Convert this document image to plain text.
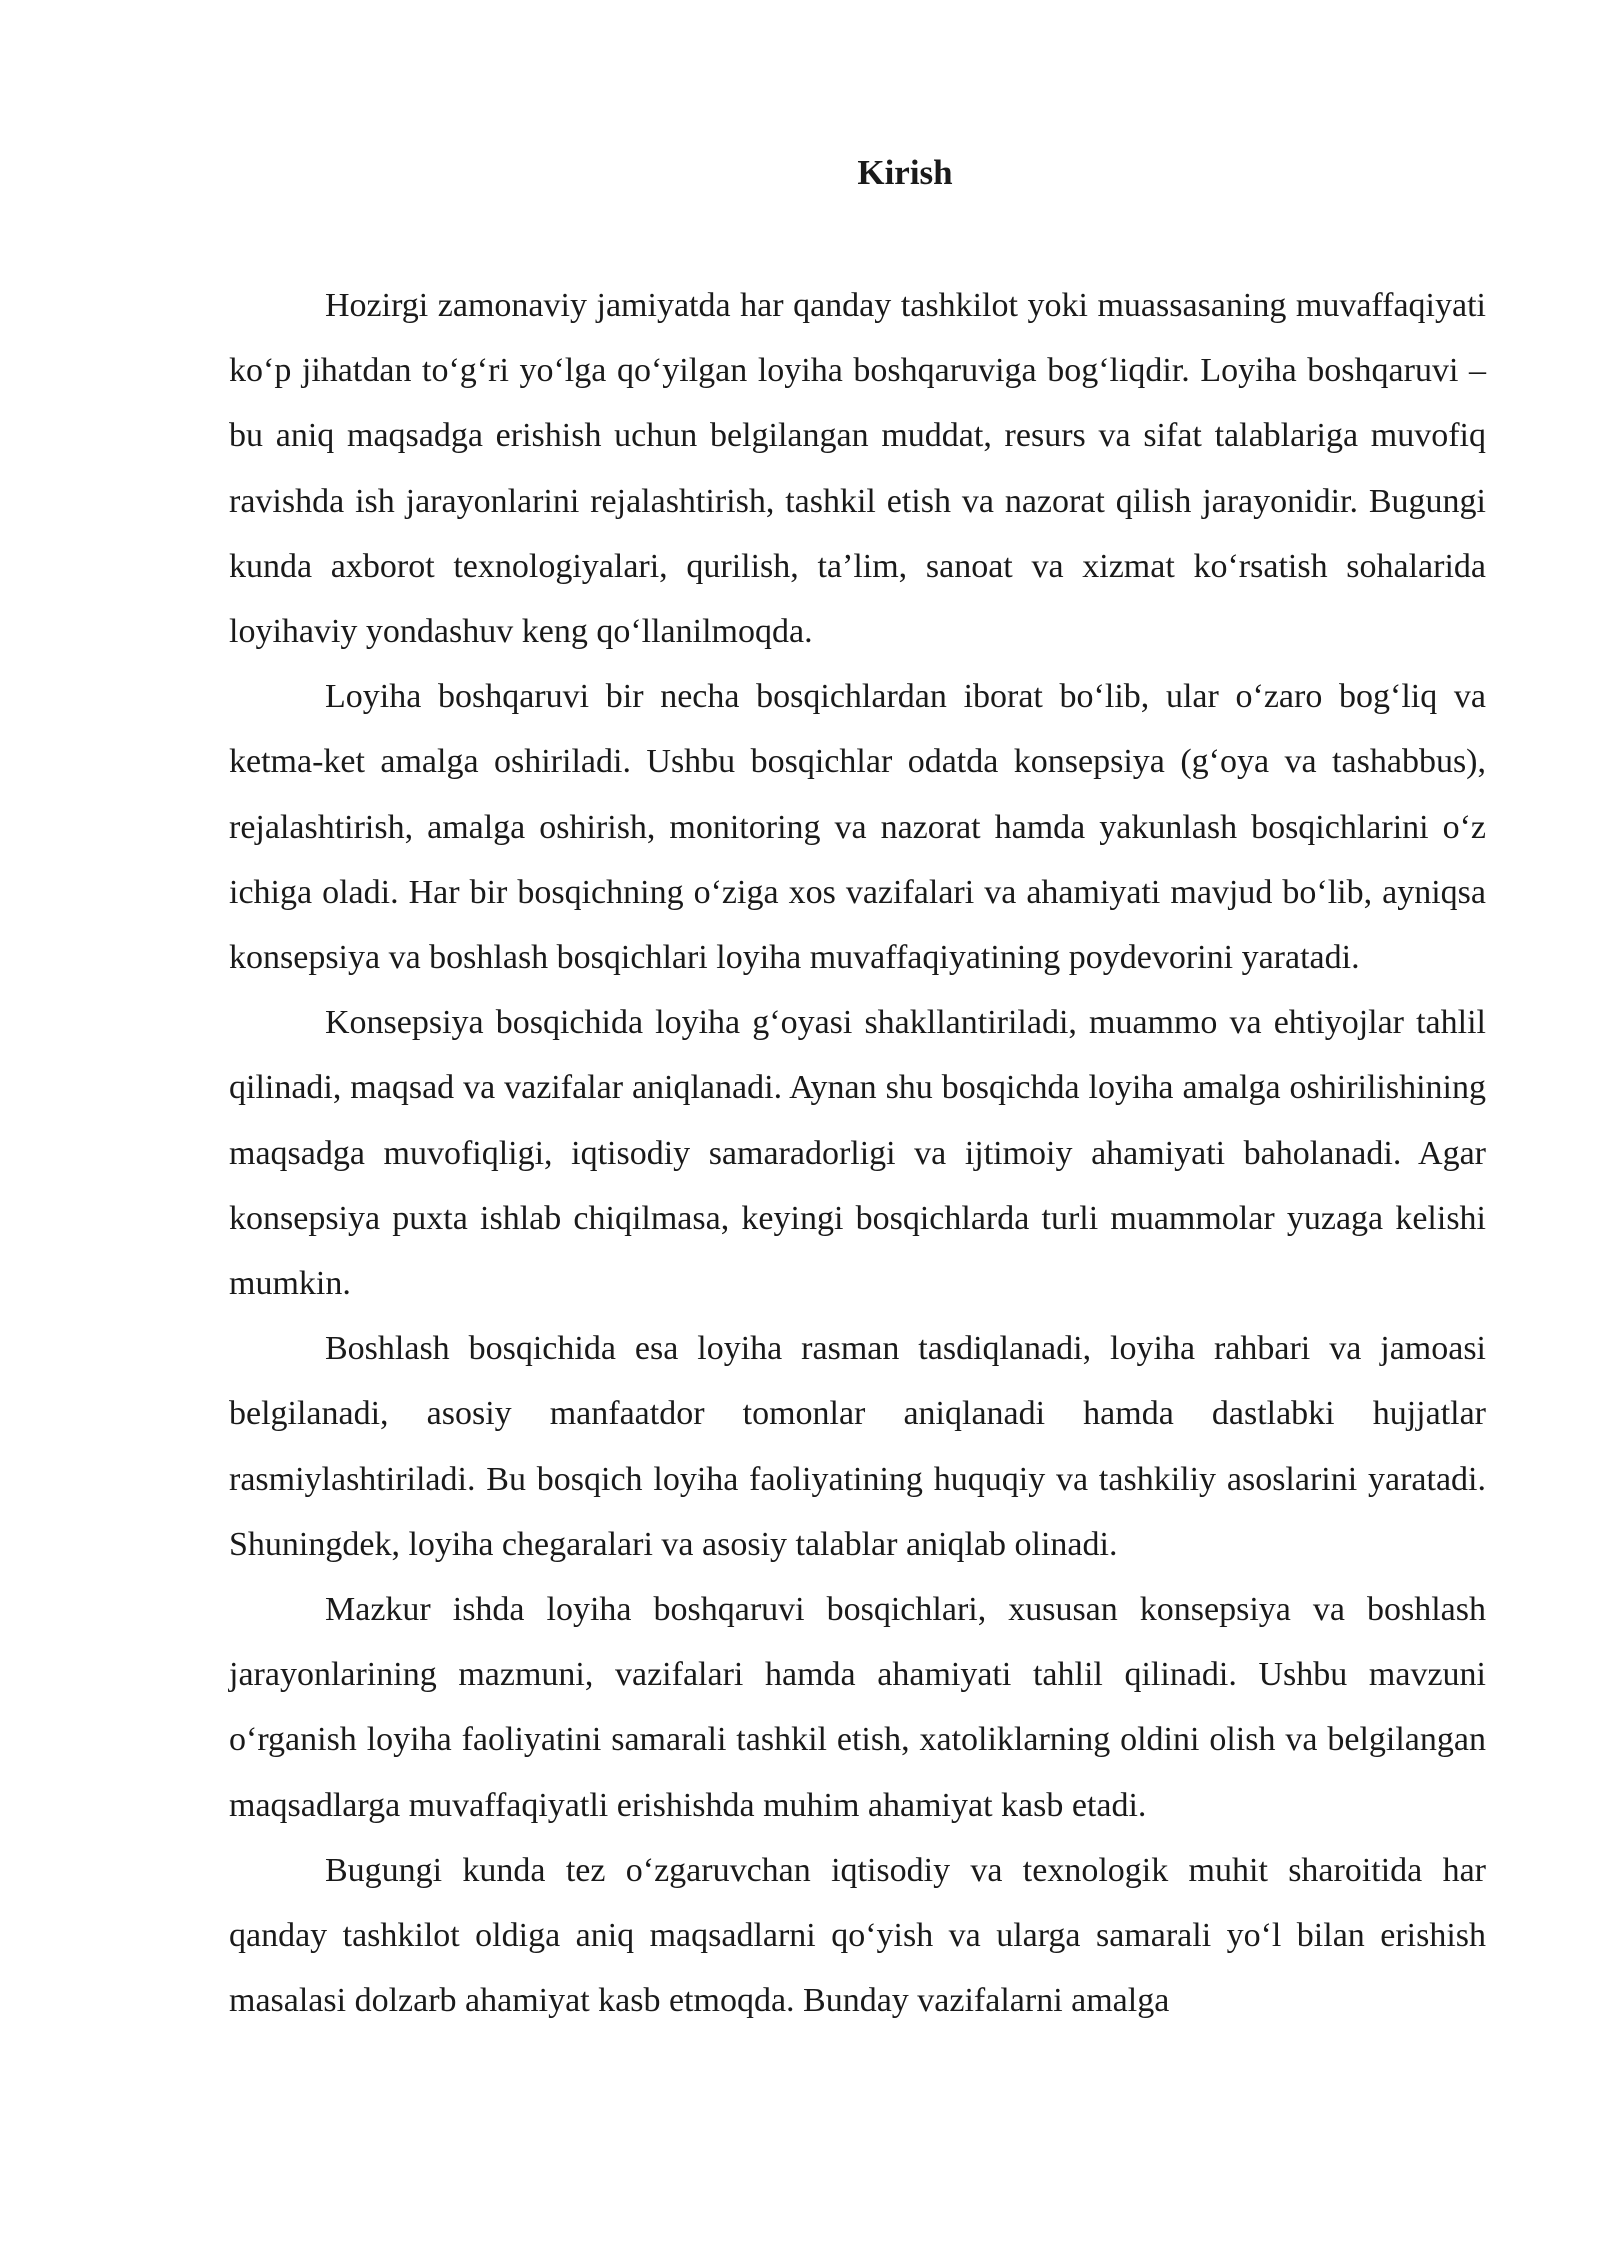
Kirish

Hozirgi zamonaviy jamiyatda har qanday tashkilot yoki muassasaning muvaffaqiyati koʻp jihatdan toʻgʻri yoʻlga qoʻyilgan loyiha boshqaruviga bogʻliqdir. Loyiha boshqaruvi – bu aniq maqsadga erishish uchun belgilangan muddat, resurs va sifat talablariga muvofiq ravishda ish jarayonlarini rejalashtirish, tashkil etish va nazorat qilish jarayonidir. Bugungi kunda axborot texnologiyalari, qurilish, ta’lim, sanoat va xizmat koʻrsatish sohalarida loyihaviy yondashuv keng qoʻllanilmoqda.

Loyiha boshqaruvi bir necha bosqichlardan iborat boʻlib, ular oʻzaro bogʻliq va ketma-ket amalga oshiriladi. Ushbu bosqichlar odatda konsepsiya (gʻoya va tashabbus), rejalashtirish, amalga oshirish, monitoring va nazorat hamda yakunlash bosqichlarini oʻz ichiga oladi. Har bir bosqichning oʻziga xos vazifalari va ahamiyati mavjud boʻlib, ayniqsa konsepsiya va boshlash bosqichlari loyiha muvaffaqiyatining poydevorini yaratadi.

Konsepsiya bosqichida loyiha gʻoyasi shakllantiriladi, muammo va ehtiyojlar tahlil qilinadi, maqsad va vazifalar aniqlanadi. Aynan shu bosqichda loyiha amalga oshirilishining maqsadga muvofiqligi, iqtisodiy samaradorligi va ijtimoiy ahamiyati baholanadi. Agar konsepsiya puxta ishlab chiqilmasa, keyingi bosqichlarda turli muammolar yuzaga kelishi mumkin.

Boshlash bosqichida esa loyiha rasman tasdiqlanadi, loyiha rahbari va jamoasi belgilanadi, asosiy manfaatdor tomonlar aniqlanadi hamda dastlabki hujjatlar rasmiylashtiriladi. Bu bosqich loyiha faoliyatining huquqiy va tashkiliy asoslarini yaratadi. Shuningdek, loyiha chegaralari va asosiy talablar aniqlab olinadi.

Mazkur ishda loyiha boshqaruvi bosqichlari, xususan konsepsiya va boshlash jarayonlarining mazmuni, vazifalari hamda ahamiyati tahlil qilinadi. Ushbu mavzuni oʻrganish loyiha faoliyatini samarali tashkil etish, xatoliklarning oldini olish va belgilangan maqsadlarga muvaffaqiyatli erishishda muhim ahamiyat kasb etadi.

Bugungi kunda tez oʻzgaruvchan iqtisodiy va texnologik muhit sharoitida har qanday tashkilot oldiga aniq maqsadlarni qoʻyish va ularga samarali yoʻl bilan erishish masalasi dolzarb ahamiyat kasb etmoqda. Bunday vazifalarni amalga
